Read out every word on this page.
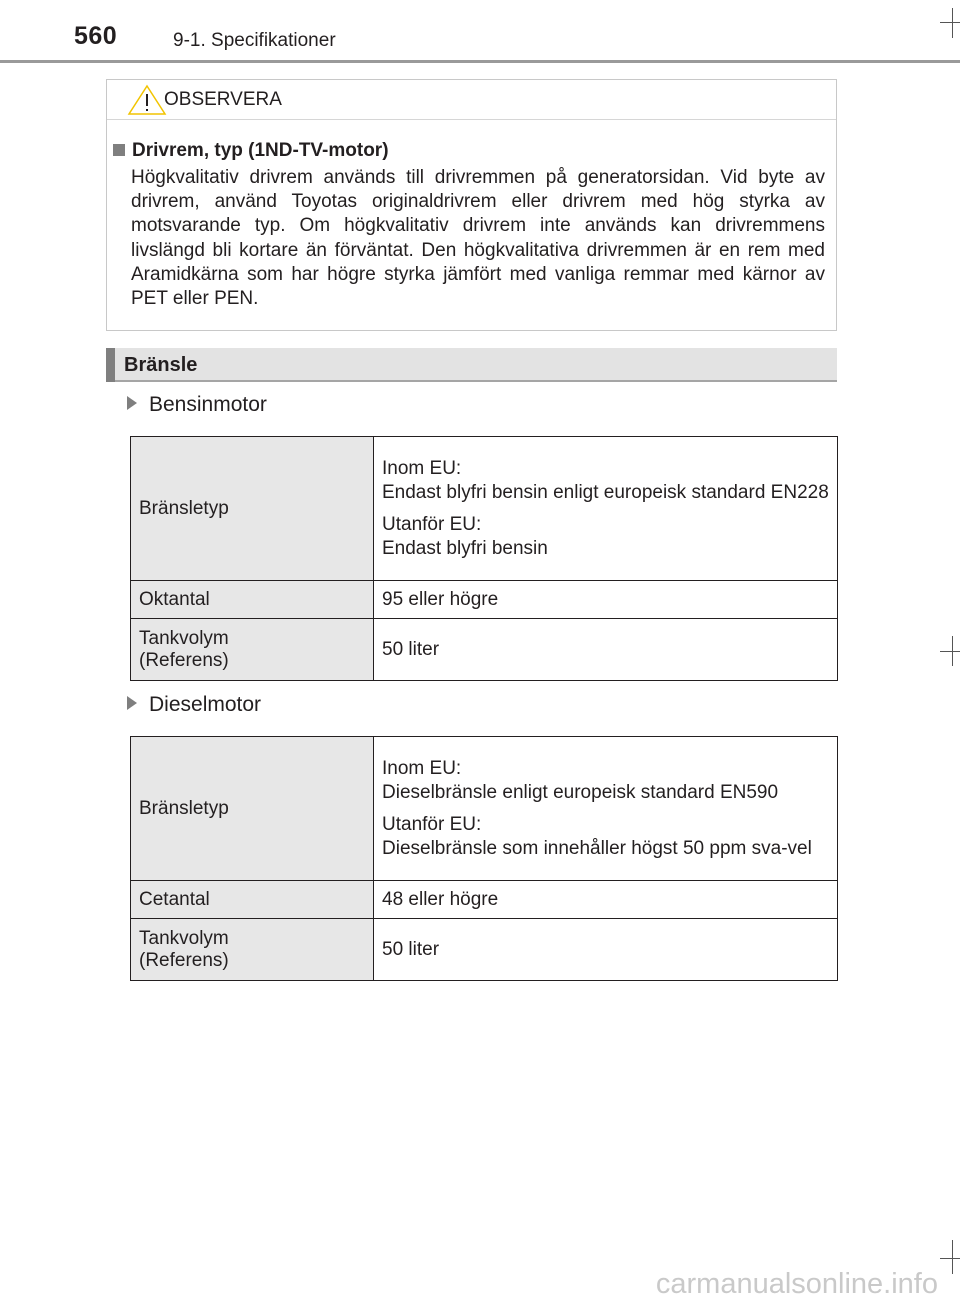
560	9-1. Specifikationer
OBSERVERA
Drivrem, typ (1ND-TV-motor)
Högkvalitativ drivrem används till drivremmen på generatorsidan. Vid byte av drivrem, använd Toyotas originaldrivrem eller drivrem med hög styrka av motsvarande typ. Om högkvalitativ drivrem inte används kan drivremmens livslängd bli kortare än förväntat. Den högkvalitativa drivremmen är en rem med Aramidkärna som har högre styrka jämfört med vanliga remmar med kärnor av PET eller PEN.
Bränsle
Bensinmotor
Bränsletyp	Inom EU:
Endast blyfri bensin enligt europeisk standard EN228
Utanför EU:
Endast blyfri bensin

Oktantal	95 eller högre

Tankvolym
(Referens)	50 liter
Dieselmotor
Bränsletyp	Inom EU:
Dieselbränsle enligt europeisk standard EN590
Utanför EU:
Dieselbränsle som innehåller högst 50 ppm sva-vel

Cetantal	48 eller högre

Tankvolym
(Referens)	50 liter
carmanualsonline.info
